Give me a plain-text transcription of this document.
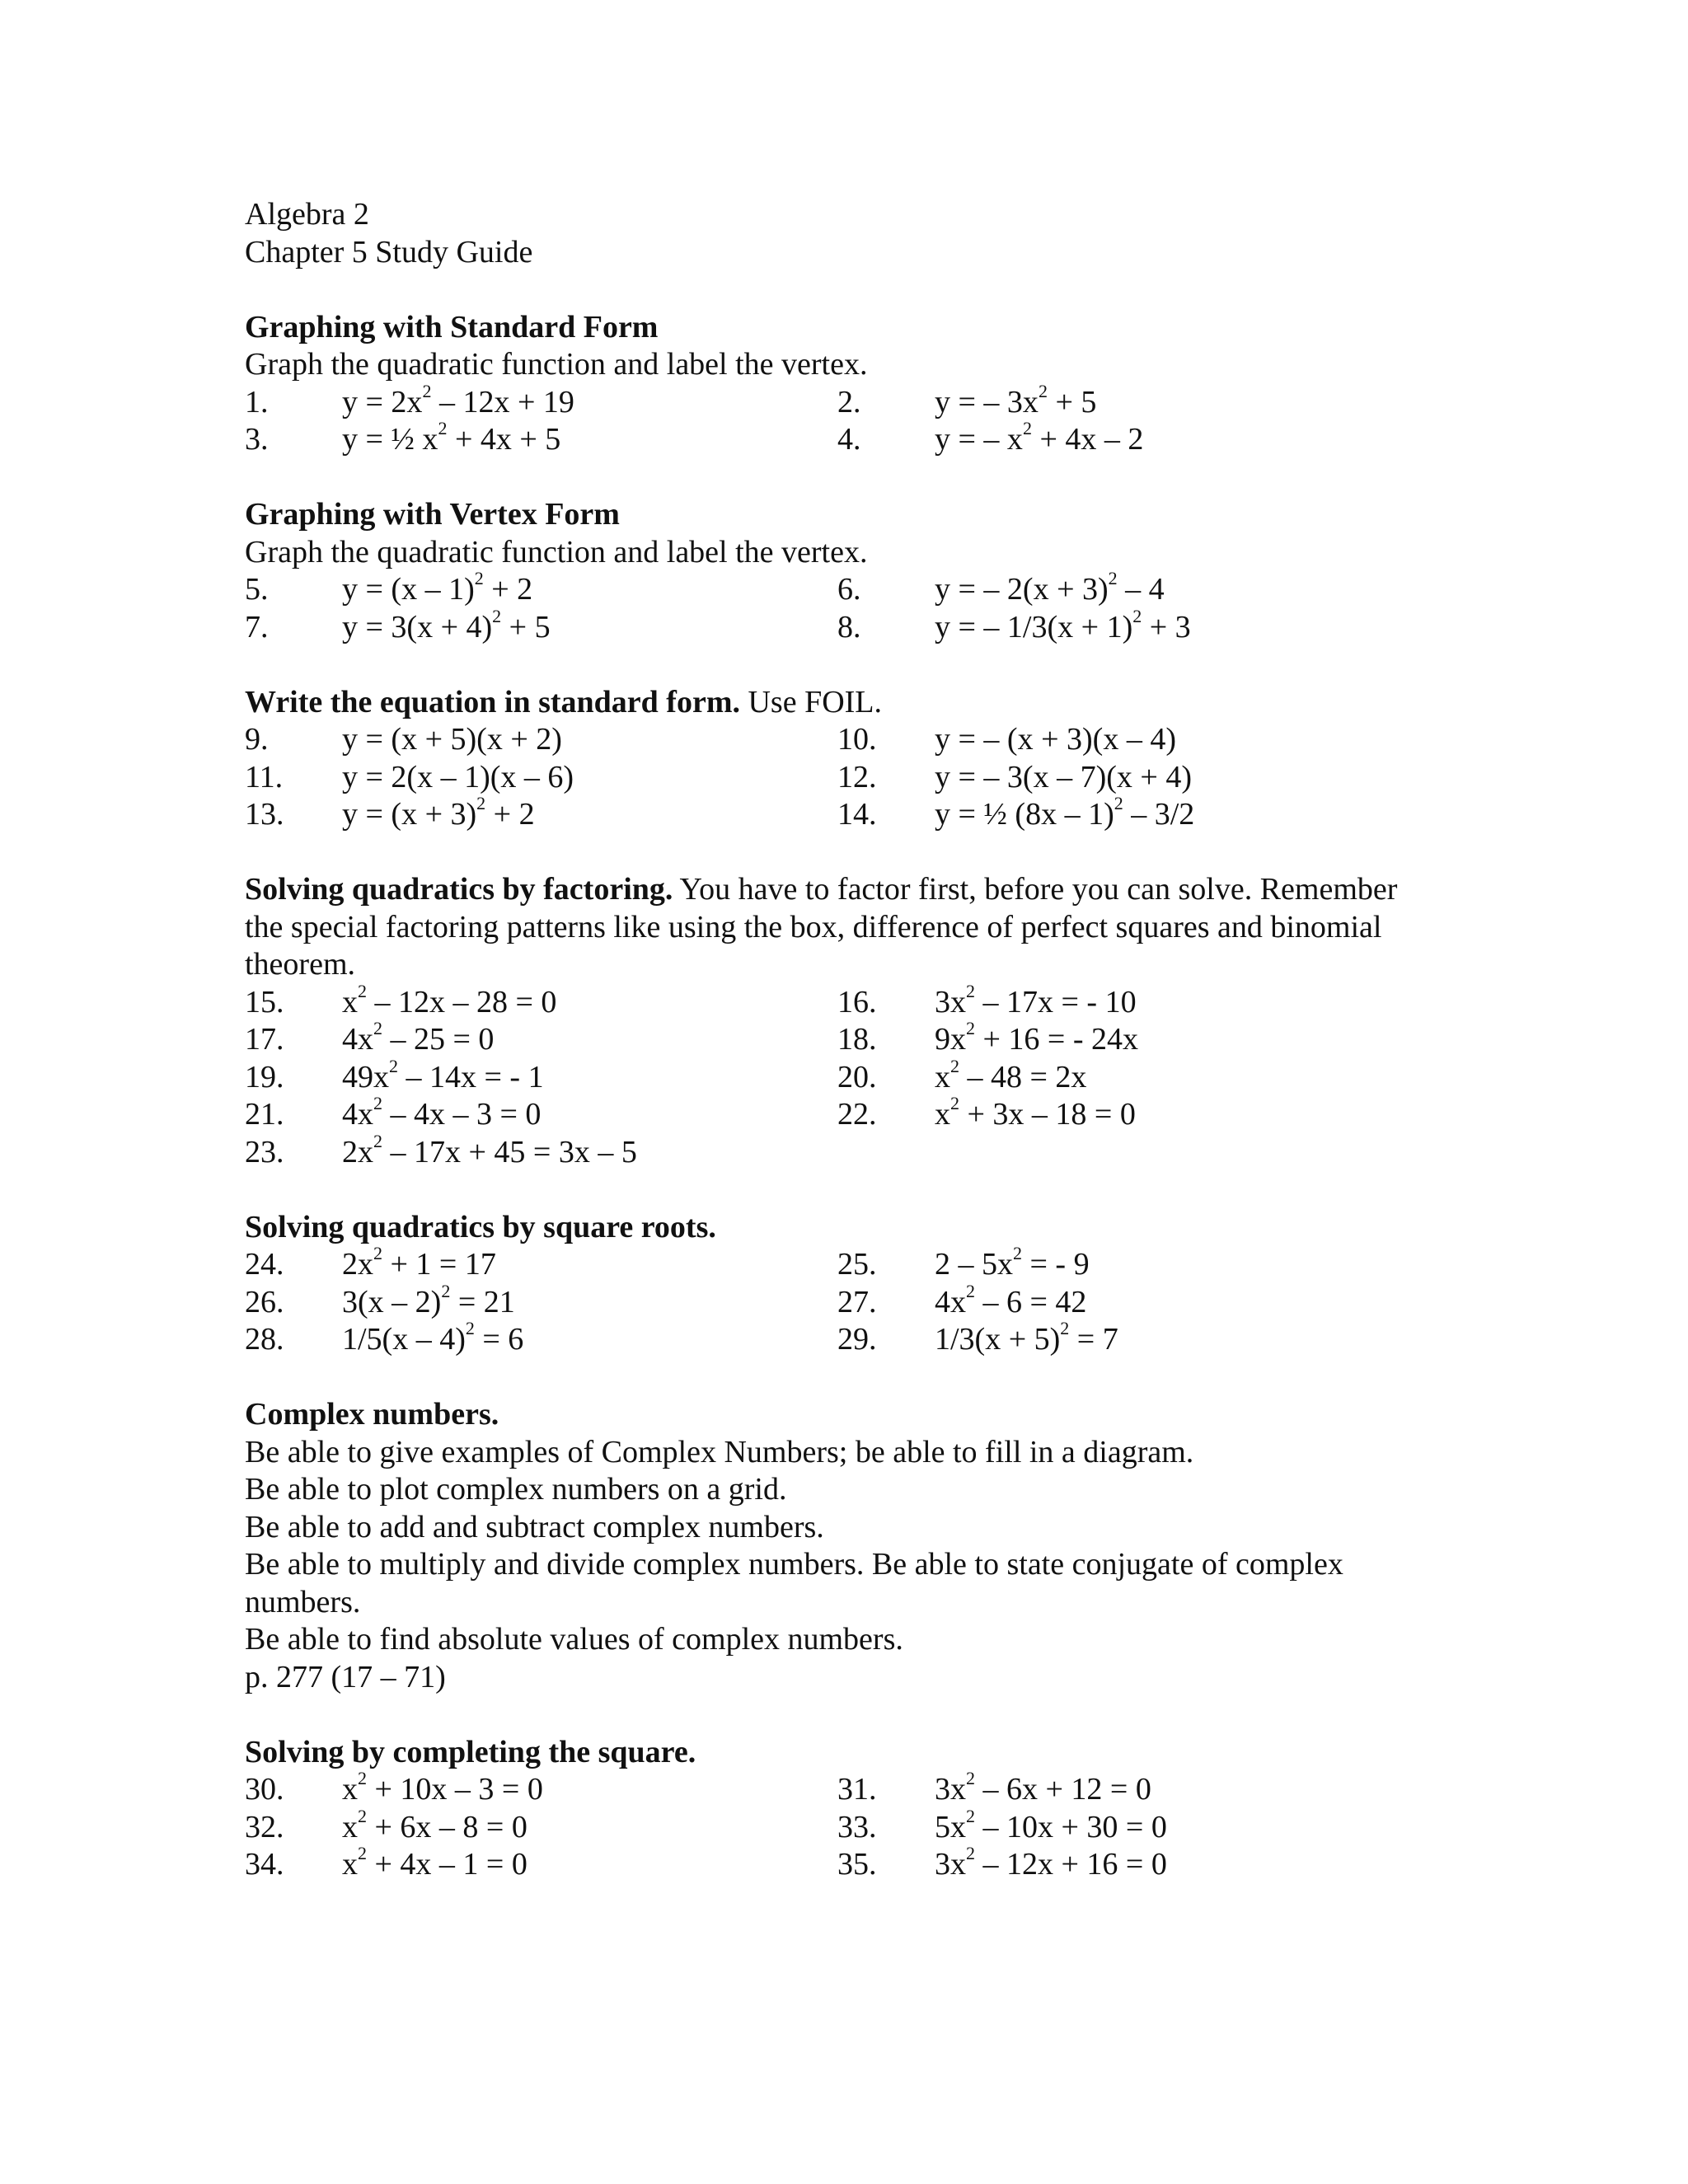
Algebra 2
Chapter 5 Study Guide
Graphing with Standard Form
Graph the quadratic function and label the vertex.
1.	$y = 2x^2 - 12x + 19$	2.	y = – $3x^2 + 5$
3.	y = ½ $x^2 + 4x + 5$	4.	y = – $x^2 + 4x - 2$
Graphing with Vertex Form
Graph the quadratic function and label the vertex.
5.	y = (x – 1)$^2$ + 2	6.	y = – $2(x + 3)^2 - 4$
7.	$y = 3(x + 4)^2 + 5$	8.	y = – $1/3(x + 1)^2 + 3$
Write the equation in standard form. Use FOIL.
9.	y = (x + 5)(x + 2)	10.	y = – (x + 3)(x – 4)
11.	y = 2(x – 1)(x – 6)	12.	y = – 3(x – 7)(x + 4)
13.	$y = (x + 3)^2 + 2$	14.	y = ½ (8x – 1)$^2$ – 3/2
Solving quadratics by factoring. You have to factor first, before you can solve. Remember the special factoring patterns like using the box, difference of perfect squares and binomial theorem.
15.	$x^2 - 12x - 28 = 0$	16.	$3x^2 - 17x$ = - 10
17.	$4x^2 - 25 = 0$	18.	$9x^2 + 16$ = - 24x
19.	$49x^2 - 14x$ = - 1	20.	$x^2 - 48 = 2x$
21.	$4x^2 - 4x - 3 = 0$	22.	$x^2 + 3x - 18 = 0$
23.	$2x^2 - 17x + 45 = 3x - 5$
Solving quadratics by square roots.
24.	$2x^2 + 1 = 17$	25.	$2 - 5x^2$ = - 9
26.	3(x – 2)$^2$ = 21	27.	$4x^2 - 6 = 42$
28.	1/5(x – 4)$^2$ = 6	29.	$1/3(x + 5)^2 = 7$
Complex numbers.
Be able to give examples of Complex Numbers; be able to fill in a diagram.
Be able to plot complex numbers on a grid.
Be able to add and subtract complex numbers.
Be able to multiply and divide complex numbers. Be able to state conjugate of complex numbers.
Be able to find absolute values of complex numbers.
p. 277 (17 – 71)
Solving by completing the square.
30.	$x^2 + 10x - 3 = 0$	31.	$3x^2 - 6x + 12 = 0$
32.	$x^2 + 6x - 8 = 0$	33.	$5x^2 - 10x + 30 = 0$
34.	$x^2 + 4x - 1 = 0$	35.	$3x^2 - 12x + 16 = 0$
